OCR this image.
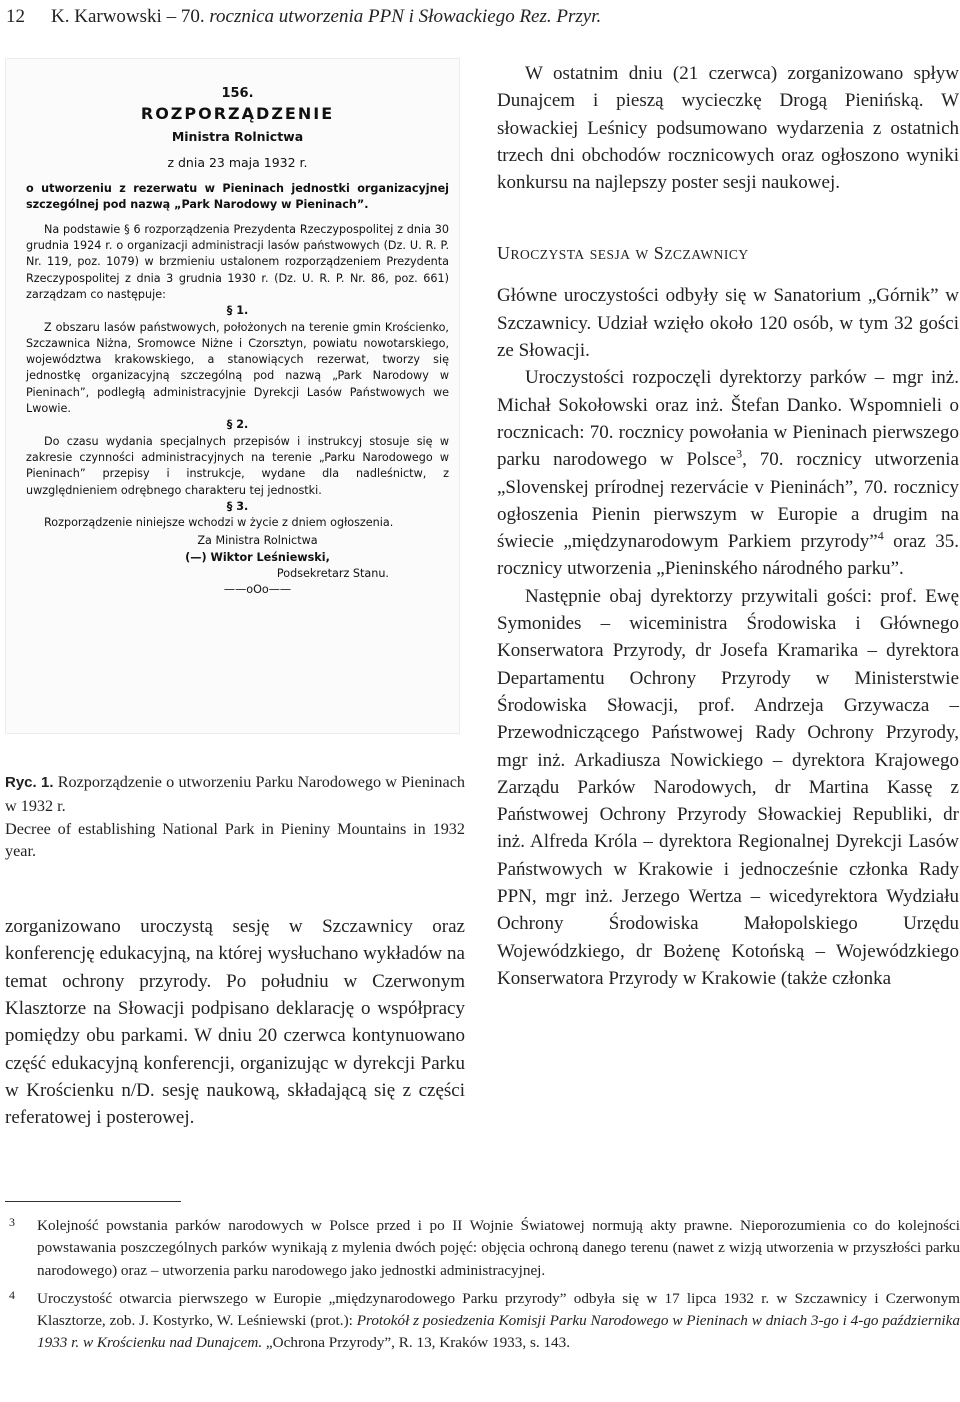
12 K. Karwowski – 70. rocznica utworzenia PPN i Słowackiego Rez. Przyr.
156.
ROZPORZĄDZENIE
Ministra Rolnictwa
z dnia 23 maja 1932 r.
o utworzeniu z rezerwatu w Pieninach jednostki organizacyjnej szczególnej pod nazwą „Park Narodowy w Pieninach”.
Na podstawie § 6 rozporządzenia Prezydenta Rzeczypospolitej z dnia 30 grudnia 1924 r. o organizacji administracji lasów państwowych (Dz. U. R. P. Nr. 119, poz. 1079) w brzmieniu ustalonem rozporządzeniem Prezydenta Rzeczypospolitej z dnia 3 grudnia 1930 r. (Dz. U. R. P. Nr. 86, poz. 661) zarządzam co następuje:
§ 1.
Z obszaru lasów państwowych, położonych na terenie gmin Krościenko, Szczawnica Niżna, Sromowce Niżne i Czorsztyn, powiatu nowotarskiego, województwa krakowskiego, a stanowiących rezerwat, tworzy się jednostkę organizacyjną szczególną pod nazwą „Park Narodowy w Pieninach”, podległą administracyjnie Dyrekcji Lasów Państwowych we Lwowie.
§ 2.
Do czasu wydania specjalnych przepisów i instrukcyj stosuje się w zakresie czynności administracyjnych na terenie „Parku Narodowego w Pieninach” przepisy i instrukcje, wydane dla nadleśnictw, z uwzględnieniem odrębnego charakteru tej jednostki.
§ 3.
Rozporządzenie niniejsze wchodzi w życie z dniem ogłoszenia.
Za Ministra Rolnictwa
(—) Wiktor Leśniewski,
Podsekretarz Stanu.
——oOo——
Ryc. 1. Rozporządzenie o utworzeniu Parku Narodowego w Pieninach w 1932 r.
Decree of establishing National Park in Pieniny Mountains in 1932 year.

zorganizowano uroczystą sesję w Szczawnicy oraz konferencję edukacyjną, na której wysłuchano wykładów na temat ochrony przyrody. Po południu w Czerwonym Klasztorze na Słowacji podpisano deklarację o współpracy pomiędzy obu parkami. W dniu 20 czerwca kontynuowano część edukacyjną konferencji, organizując w dyrekcji Parku w Krościenku n/D. sesję naukową, składającą się z części referatowej i posterowej.

W ostatnim dniu (21 czerwca) zorganizowano spływ Dunajcem i pieszą wycieczkę Drogą Pienińską. W słowackiej Leśnicy podsumowano wydarzenia z ostatnich trzech dni obchodów rocznicowych oraz ogłoszono wyniki konkursu na najlepszy poster sesji naukowej.

UROCZYSTA SESJA W SZCZAWNICY

Główne uroczystości odbyły się w Sanatorium „Górnik” w Szczawnicy. Udział wzięło około 120 osób, w tym 32 gości ze Słowacji.

Uroczystości rozpoczęli dyrektorzy parków – mgr inż. Michał Sokołowski oraz inż. Štefan Danko. Wspomnieli o rocznicach: 70. rocznicy powołania w Pieninach pierwszego parku narodowego w Polsce$^3$, 70. rocznicy utworzenia „Slovenskej prírodnej rezervácie v Pieninách”, 70. rocznicy ogłoszenia Pienin pierwszym w Europie a drugim na świecie „międzynarodowym Parkiem przyrody”$^4$ oraz 35. rocznicy utworzenia „Pieninského národného parku”.

Następnie obaj dyrektorzy przywitali gości: prof. Ewę Symonides – wiceministra Środowiska i Głównego Konserwatora Przyrody, dr Josefa Kramarika – dyrektora Departamentu Ochrony Przyrody w Ministerstwie Środowiska Słowacji, prof. Andrzeja Grzywacza – Przewodniczącego Państwowej Rady Ochrony Przyrody, mgr inż. Arkadiusza Nowickiego – dyrektora Krajowego Zarządu Parków Narodowych, dr Martina Kassę z Państwowej Ochrony Przyrody Słowackiej Republiki, dr inż. Alfreda Króla – dyrektora Regionalnej Dyrekcji Lasów Państwowych w Krakowie i jednocześnie członka Rady PPN, mgr inż. Jerzego Wertza – wicedyrektora Wydziału Ochrony Środowiska Małopolskiego Urzędu Wojewódzkiego, dr Bożenę Kotońską – Wojewódzkiego Konserwatora Przyrody w Krakowie (także członka

3 Kolejność powstania parków narodowych w Polsce przed i po II Wojnie Światowej normują akty prawne. Nieporozumienia co do kolejności powstawania poszczególnych parków wynikają z mylenia dwóch pojęć: objęcia ochroną danego terenu (nawet z wizją utworzenia w przyszłości parku narodowego) oraz – utworzenia parku narodowego jako jednostki administracyjnej.
4 Uroczystość otwarcia pierwszego w Europie „międzynarodowego Parku przyrody” odbyła się w 17 lipca 1932 r. w Szczawnicy i Czerwonym Klasztorze, zob. J. Kostyrko, W. Leśniewski (prot.): Protokół z posiedzenia Komisji Parku Narodowego w Pieninach w dniach 3-go i 4-go października 1933 r. w Krościenku nad Dunajcem. „Ochrona Przyrody”, R. 13, Kraków 1933, s. 143.
